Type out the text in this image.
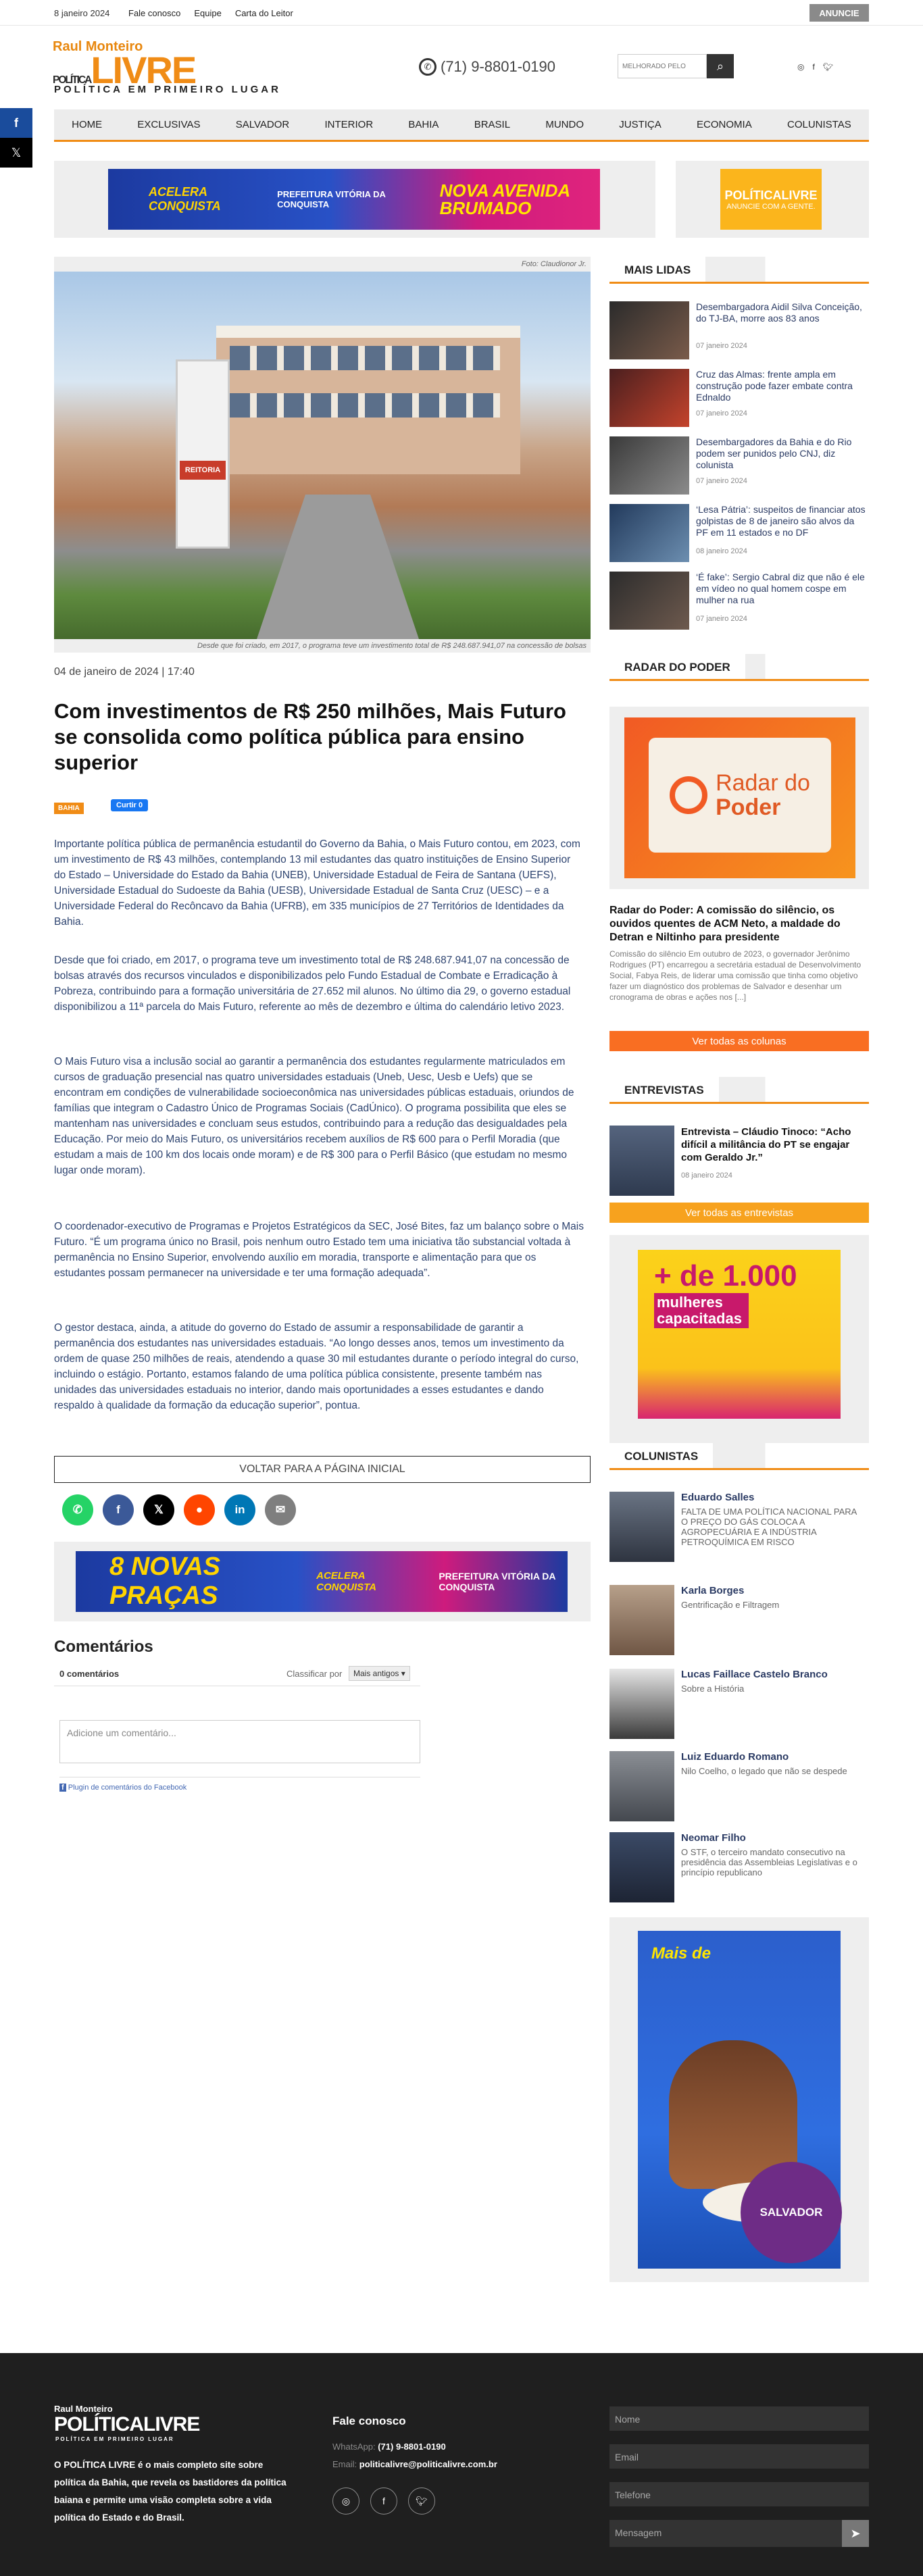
8 janeiro 2024 Fale conosco Equipe Carta do Leitor	ANUNCIE
Raul Monteiro
POLÍTICALIVRE
POLÍTICA EM PRIMEIRO LUGAR
✆ (71) 9-8801-0190
MELHORADO PELO	⌕	◎ f 🐦︎
HOME	EXCLUSIVAS	SALVADOR	INTERIOR	BAHIA	BRASIL	MUNDO	JUSTIÇA	ECONOMIA	COLUNISTAS
f
𝕏
ACELERA CONQUISTA
PREFEITURA VITÓRIA DA CONQUISTA
NOVA AVENIDA BRUMADO
POLÍTICALIVRE
ANUNCIE COM A GENTE.
Foto: Claudionor Jr.
REITORIA
Desde que foi criado, em 2017, o programa teve um investimento total de R$ 248.687.941,07 na concessão de bolsas
04 de janeiro de 2024 | 17:40
Com investimentos de R$ 250 milhões, Mais Futuro se consolida como política pública para ensino superior
BAHIA	Curtir 0

Importante política pública de permanência estudantil do Governo da Bahia, o Mais Futuro contou, em 2023, com um investimento de R$ 43 milhões, contemplando 13 mil estudantes das quatro instituições de Ensino Superior do Estado – Universidade do Estado da Bahia (UNEB), Universidade Estadual de Feira de Santana (UEFS), Universidade Estadual do Sudoeste da Bahia (UESB), Universidade Estadual de Santa Cruz (UESC) – e a Universidade Federal do Recôncavo da Bahia (UFRB), em 335 municípios de 27 Territórios de Identidades da Bahia.

Desde que foi criado, em 2017, o programa teve um investimento total de R$ 248.687.941,07 na concessão de bolsas através dos recursos vinculados e disponibilizados pelo Fundo Estadual de Combate e Erradicação à Pobreza, contribuindo para a formação universitária de 27.652 mil alunos. No último dia 29, o governo estadual disponibilizou a 11ª parcela do Mais Futuro, referente ao mês de dezembro e última do calendário letivo 2023.

O Mais Futuro visa a inclusão social ao garantir a permanência dos estudantes regularmente matriculados em cursos de graduação presencial nas quatro universidades estaduais (Uneb, Uesc, Uesb e Uefs) que se encontram em condições de vulnerabilidade socioeconômica nas universidades públicas estaduais, oriundos de famílias que integram o Cadastro Único de Programas Sociais (CadÚnico). O programa possibilita que eles se mantenham nas universidades e concluam seus estudos, contribuindo para a redução das desigualdades pela Educação. Por meio do Mais Futuro, os universitários recebem auxílios de R$ 600 para o Perfil Moradia (que estudam a mais de 100 km dos locais onde moram) e de R$ 300 para o Perfil Básico (que estudam no mesmo lugar onde moram).

O coordenador-executivo de Programas e Projetos Estratégicos da SEC, José Bites, faz um balanço sobre o Mais Futuro. “É um programa único no Brasil, pois nenhum outro Estado tem uma iniciativa tão substancial voltada à permanência no Ensino Superior, envolvendo auxílio em moradia, transporte e alimentação para que os estudantes possam permanecer na universidade e ter uma formação adequada”.

O gestor destaca, ainda, a atitude do governo do Estado de assumir a responsabilidade de garantir a permanência dos estudantes nas universidades estaduais. “Ao longo desses anos, temos um investimento da ordem de quase 250 milhões de reais, atendendo a quase 30 mil estudantes durante o período integral do curso, incluindo o estágio. Portanto, estamos falando de uma política pública consistente, presente também nas unidades das universidades estaduais no interior, dando mais oportunidades a esses estudantes e dando respaldo à qualidade da formação da educação superior”, pontua.

VOLTAR PARA A PÁGINA INICIAL
✆	f	𝕏	●	in	✉
8 NOVAS PRAÇAS
ACELERA CONQUISTA
PREFEITURA VITÓRIA DA CONQUISTA
Comentários
0 comentários	Classificar por	Mais antigos ▾
Adicione um comentário...
f Plugin de comentários do Facebook
MAIS LIDAS
Desembargadora Aidil Silva Conceição, do TJ-BA, morre aos 83 anos
07 janeiro 2024
Cruz das Almas: frente ampla em construção pode fazer embate contra Ednaldo
07 janeiro 2024
Desembargadores da Bahia e do Rio podem ser punidos pelo CNJ, diz colunista
07 janeiro 2024
‘Lesa Pátria’: suspeitos de financiar atos golpistas de 8 de janeiro são alvos da PF em 11 estados e no DF
08 janeiro 2024
‘É fake’: Sergio Cabral diz que não é ele em vídeo no qual homem cospe em mulher na rua
07 janeiro 2024
RADAR DO PODER
Radar do
Poder
Radar do Poder: A comissão do silêncio, os ouvidos quentes de ACM Neto, a maldade do Detran e Niltinho para presidente
Comissão do silêncio Em outubro de 2023, o governador Jerônimo Rodrigues (PT) encarregou a secretária estadual de Desenvolvimento Social, Fabya Reis, de liderar uma comissão que tinha como objetivo fazer um diagnóstico dos problemas de Salvador e desenhar um cronograma de obras e ações nos [...]
Ver todas as colunas
ENTREVISTAS
Entrevista – Cláudio Tinoco: “Acho difícil a militância do PT se engajar com Geraldo Jr.”
08 janeiro 2024
Ver todas as entrevistas
+ de 1.000
mulheres capacitadas
COLUNISTAS
Eduardo Salles
FALTA DE UMA POLÍTICA NACIONAL PARA O PREÇO DO GÁS COLOCA A AGROPECUÁRIA E A INDÚSTRIA PETROQUÍMICA EM RISCO
Karla Borges
Gentrificação e Filtragem
Lucas Faillace Castelo Branco
Sobre a História
Luiz Eduardo Romano
Nilo Coelho, o legado que não se despede
Neomar Filho
O STF, o terceiro mandato consecutivo na presidência das Assembleias Legislativas e o princípio republicano
Mais de
SALVADOR
Raul Monteiro
POLÍTICALIVRE
POLÍTICA EM PRIMEIRO LUGAR
O POLÍTICA LIVRE é o mais completo site sobre política da Bahia, que revela os bastidores da política baiana e permite uma visão completa sobre a vida política do Estado e do Brasil.
Fale conosco
WhatsApp: (71) 9-8801-0190
Email: politicalivre@politicalivre.com.br
◎	f	🐦︎
Nome
Email
Telefone
Mensagem	➤
